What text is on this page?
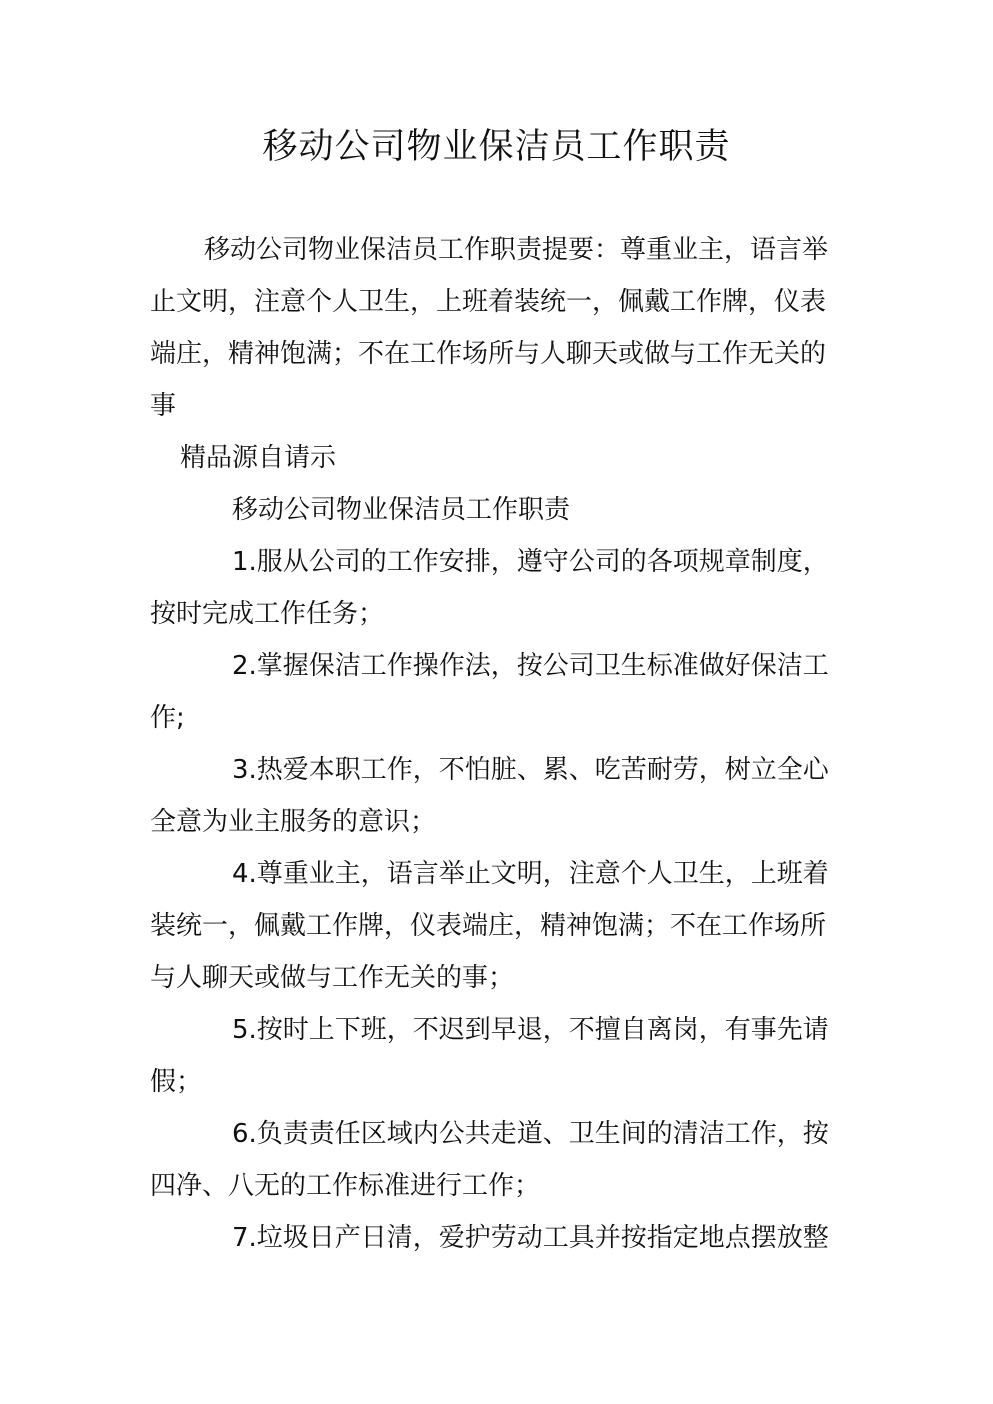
移动公司物业保洁员工作职责

移动公司物业保洁员工作职责提要：尊重业主，语言举止文明，注意个人卫生，上班着装统一，佩戴工作牌，仪表端庄，精神饱满；不在工作场所与人聊天或做与工作无关的事

精品源自请示

移动公司物业保洁员工作职责

1.服从公司的工作安排，遵守公司的各项规章制度，按时完成工作任务；

2.掌握保洁工作操作法，按公司卫生标准做好保洁工作;

3.热爱本职工作，不怕脏、累、吃苦耐劳，树立全心全意为业主服务的意识；

4.尊重业主，语言举止文明，注意个人卫生，上班着装统一，佩戴工作牌，仪表端庄，精神饱满；不在工作场所与人聊天或做与工作无关的事；

5.按时上下班，不迟到早退，不擅自离岗，有事先请假；

6.负责责任区域内公共走道、卫生间的清洁工作，按四净、八无的工作标准进行工作；

7.垃圾日产日清，爱护劳动工具并按指定地点摆放整
